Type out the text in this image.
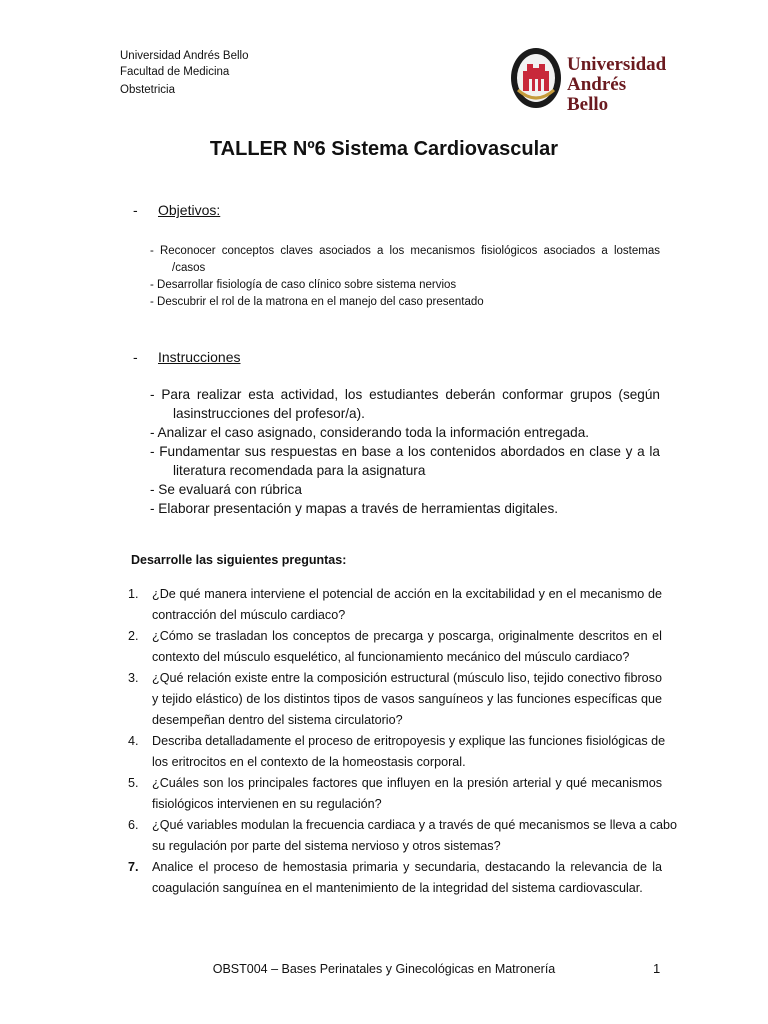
Universidad Andrés Bello
Facultad de Medicina
Obstetricia
Universidad
Andrés Bello
TALLER Nº6 Sistema Cardiovascular
- Objetivos:
- Reconocer conceptos claves asociados a los mecanismos fisiológicos asociados a lostemas
/casos
- Desarrollar fisiología de caso clínico sobre sistema nervios
- Descubrir el rol de la matrona en el manejo del caso presentado
- Instrucciones
- Para realizar esta actividad, los estudiantes deberán conformar grupos (según
lasinstrucciones del profesor/a).
- Analizar el caso asignado, considerando toda la información entregada.
- Fundamentar sus respuestas en base a los contenidos abordados en clase y a la
literatura recomendada para la asignatura
- Se evaluará con rúbrica
- Elaborar presentación y mapas a través de herramientas digitales.
Desarrolle las siguientes preguntas:
1.	¿De qué manera interviene el potencial de acción en la excitabilidad y en el mecanismo de
contracción del músculo cardiaco?
2.	¿Cómo se trasladan los conceptos de precarga y poscarga, originalmente descritos en el
contexto del músculo esquelético, al funcionamiento mecánico del músculo cardiaco?
3.	¿Qué relación existe entre la composición estructural (músculo liso, tejido conectivo fibroso
y tejido elástico) de los distintos tipos de vasos sanguíneos y las funciones específicas que
desempeñan dentro del sistema circulatorio?
4.	Describa detalladamente el proceso de eritropoyesis y explique las funciones fisiológicas de
los eritrocitos en el contexto de la homeostasis corporal.
5.	¿Cuáles son los principales factores que influyen en la presión arterial y qué mecanismos
fisiológicos intervienen en su regulación?
6.	¿Qué variables modulan la frecuencia cardiaca y a través de qué mecanismos se lleva a cabo
su regulación por parte del sistema nervioso y otros sistemas?
7.	Analice el proceso de hemostasia primaria y secundaria, destacando la relevancia de la
coagulación sanguínea en el mantenimiento de la integridad del sistema cardiovascular.
OBST004 – Bases Perinatales y Ginecológicas en Matronería	1
